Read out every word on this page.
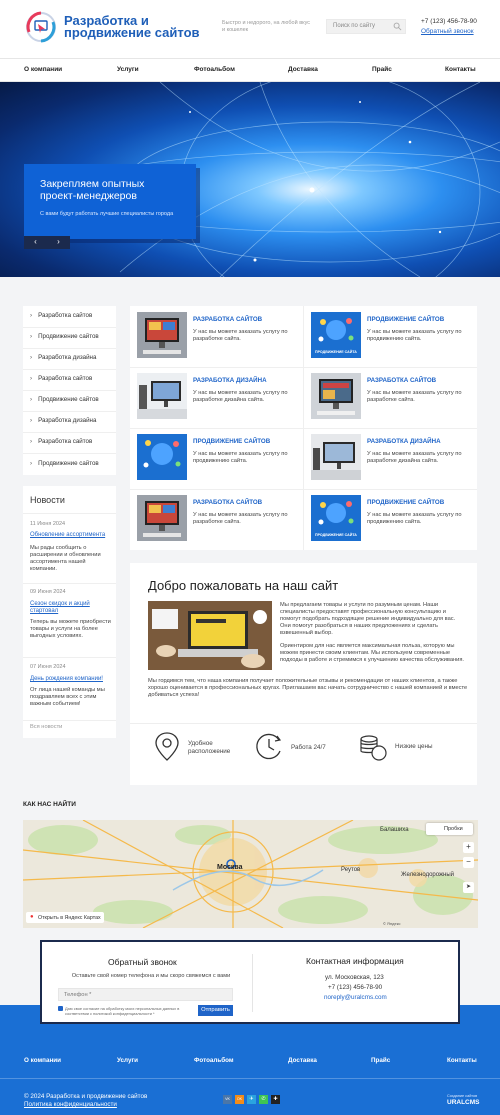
Разработка и продвижение сайтов
Быстро и недорого, на любой вкус и кошелек
Поиск по сайту
+7 (123) 456-78-90
Обратный звонок
О компании	Услуги	Фотоальбом	Доставка	Прайс	Контакты
Закрепляем опытных проект-менеджеров
С вами будут работать лучшие специалисты города
‹	›
› Разработка сайтов
› Продвижение сайтов
› Разработка дизайна
› Разработка сайтов
› Продвижение сайтов
› Разработка дизайна
› Разработка сайтов
› Продвижение сайтов
Новости
11 Июня 2024
Обновление ассортимента
Мы рады сообщить о расширении и обновлении ассортимента нашей компании.
09 Июня 2024
Сезон скидок и акций стартовал
Теперь вы можете приобрести товары и услуги на более выгодных условиях.
07 Июня 2024
День рождения компании!
От лица нашей команды мы поздравляем всех с этим важным событием!
Вся новости
РАЗРАБОТКА САЙТОВ
У нас вы можете заказать услугу по разработке сайта.
ПРОДВИЖЕНИЕ САЙТА
ПРОДВИЖЕНИЕ САЙТОВ
У нас вы можете заказать услугу по продвижению сайта.
РАЗРАБОТКА ДИЗАЙНА
У нас вы можете заказать услугу по разработке дизайна сайта.
РАЗРАБОТКА САЙТОВ
У нас вы можете заказать услугу по разработке сайта.
ПРОДВИЖЕНИЕ САЙТОВ
У нас вы можете заказать услугу по продвижению сайта.
РАЗРАБОТКА ДИЗАЙНА
У нас вы можете заказать услугу по разработке дизайна сайта.
РАЗРАБОТКА САЙТОВ
У нас вы можете заказать услугу по разработке сайта.
ПРОДВИЖЕНИЕ САЙТА
ПРОДВИЖЕНИЕ САЙТОВ
У нас вы можете заказать услугу по продвижению сайта.
Добро пожаловать на наш сайт
Мы предлагаем товары и услуги по разумным ценам. Наши специалисты предоставят профессиональную консультацию и помогут подобрать подходящее решение индивидуально для вас. Они помогут разобраться в наших предложениях и сделать взвешенный выбор.
Ориентиром для нас является максимальная польза, которую мы можем принести своим клиентам. Мы используем современные подходы в работе и стремимся к улучшению качества обслуживания.
Мы гордимся тем, что наша компания получает положительные отзывы и рекомендации от наших клиентов, а также хорошо оценивается в профессиональных кругах. Приглашаем вас начать сотрудничество с нашей компанией и вместе добиваться успеха!
Удобное расположение
Работа 24/7	Низкие цены
КАК НАС НАЙТИ
Москва
Балашиха
Реутов
Железнодорожный
Пробки
+
−
➤
● Открыть в Яндекс Картах
© Яндекс
Обратный звонок
Оставьте свой номер телефона и мы скоро свяжемся с вами
Телефон *
Даю свое согласие на обработку моих персональных данных в соответствии с политикой конфиденциальности *
Отправить
Контактная информация
ул. Московская, 123
+7 (123) 456-78-90
noreply@uralcms.com
О компании	Услуги	Фотоальбом	Доставка	Прайс	Контакты
© 2024 Разработка и продвижение сайтов
Политика конфиденциальности
VK	OK	✈	✆	✚	Создание сайтов
URALCMS
